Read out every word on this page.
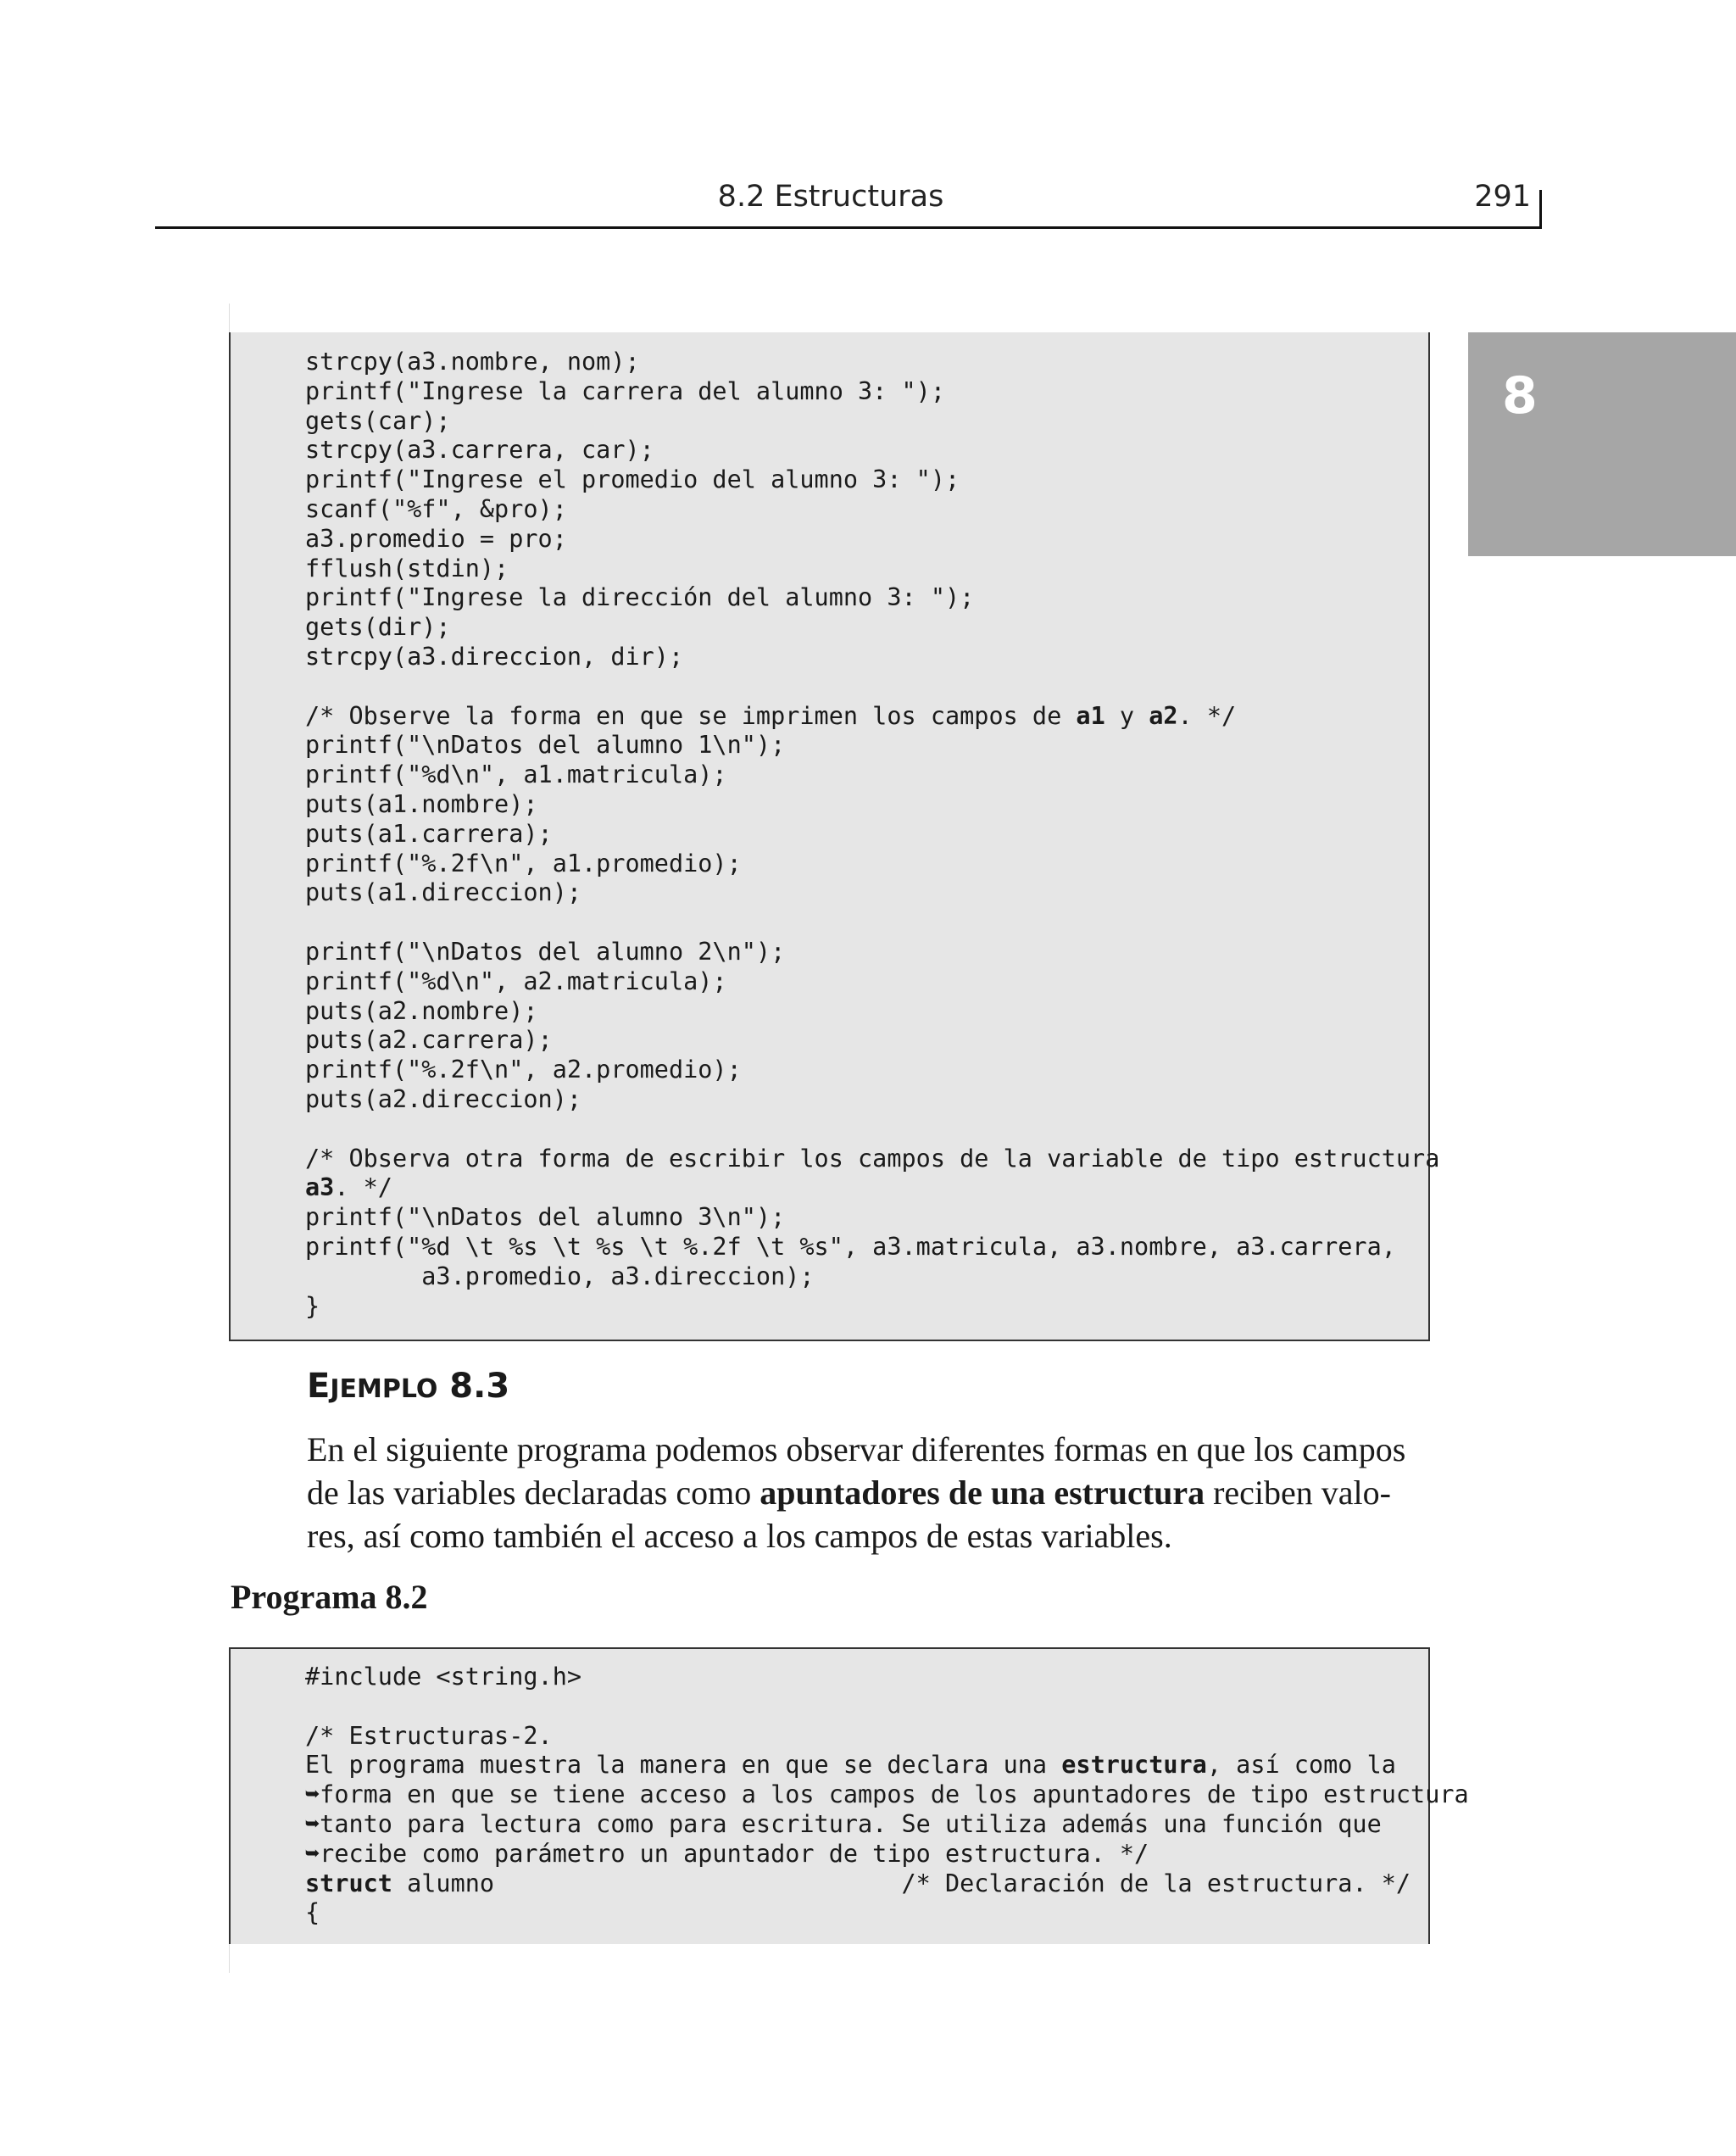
8.2 Estructuras	291
8
strcpy(a3.nombre, nom);
printf("Ingrese la carrera del alumno 3: ");
gets(car);
strcpy(a3.carrera, car);
printf("Ingrese el promedio del alumno 3: ");
scanf("%f", &pro);
a3.promedio = pro;
fflush(stdin);
printf("Ingrese la dirección del alumno 3: ");
gets(dir);
strcpy(a3.direccion, dir);
/* Observe la forma en que se imprimen los campos de a1 y a2. */
printf("\nDatos del alumno 1\n");
printf("%d\n", a1.matricula);
puts(a1.nombre);
puts(a1.carrera);
printf("%.2f\n", a1.promedio);
puts(a1.direccion);
printf("\nDatos del alumno 2\n");
printf("%d\n", a2.matricula);
puts(a2.nombre);
puts(a2.carrera);
printf("%.2f\n", a2.promedio);
puts(a2.direccion);
/* Observa otra forma de escribir los campos de la variable de tipo estructura
a3. */
printf("\nDatos del alumno 3\n");
printf("%d \t %s \t %s \t %.2f \t %s", a3.matricula, a3.nombre, a3.carrera,
a3.promedio, a3.direccion);
}
EJEMPLO 8.3
En el siguiente programa podemos observar diferentes formas en que los campos
de las variables declaradas como apuntadores de una estructura reciben valo-
res, así como también el acceso a los campos de estas variables.
Programa 8.2
#include <string.h>
/* Estructuras-2.
El programa muestra la manera en que se declara una estructura, así como la
➥forma en que se tiene acceso a los campos de los apuntadores de tipo estructura
➥tanto para lectura como para escritura. Se utiliza además una función que
➥recibe como parámetro un apuntador de tipo estructura. */
struct alumno                            /* Declaración de la estructura. */
{
